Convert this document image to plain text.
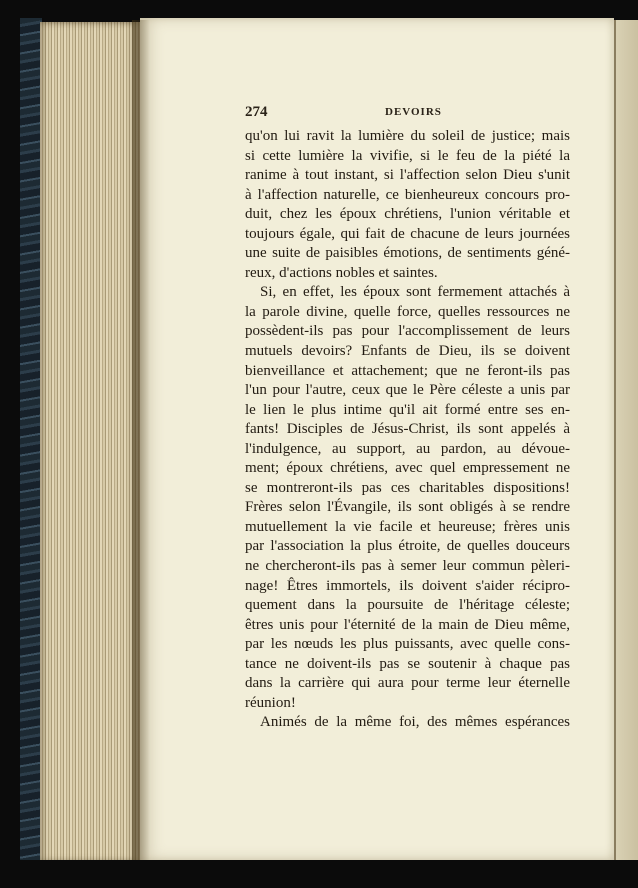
274	DEVOIRS
qu'on lui ravit la lumière du soleil de justice; mais
si cette lumière la vivifie, si le feu de la piété la
ranime à tout instant, si l'affection selon Dieu s'unit
à l'affection naturelle, ce bienheureux concours pro-
duit, chez les époux chrétiens, l'union véritable et
toujours égale, qui fait de chacune de leurs journées
une suite de paisibles émotions, de sentiments géné-
reux, d'actions nobles et saintes.
Si, en effet, les époux sont fermement attachés à
la parole divine, quelle force, quelles ressources ne
possèdent-ils pas pour l'accomplissement de leurs
mutuels devoirs? Enfants de Dieu, ils se doivent
bienveillance et attachement; que ne feront-ils pas
l'un pour l'autre, ceux que le Père céleste a unis par
le lien le plus intime qu'il ait formé entre ses en-
fants! Disciples de Jésus-Christ, ils sont appelés à
l'indulgence, au support, au pardon, au dévoue-
ment; époux chrétiens, avec quel empressement ne
se montreront-ils pas ces charitables dispositions!
Frères selon l'Évangile, ils sont obligés à se rendre
mutuellement la vie facile et heureuse; frères unis
par l'association la plus étroite, de quelles douceurs
ne chercheront-ils pas à semer leur commun pèleri-
nage! Êtres immortels, ils doivent s'aider récipro-
quement dans la poursuite de l'héritage céleste;
êtres unis pour l'éternité de la main de Dieu même,
par les nœuds les plus puissants, avec quelle cons-
tance ne doivent-ils pas se soutenir à chaque pas
dans la carrière qui aura pour terme leur éternelle
réunion!
Animés de la même foi, des mêmes espérances
